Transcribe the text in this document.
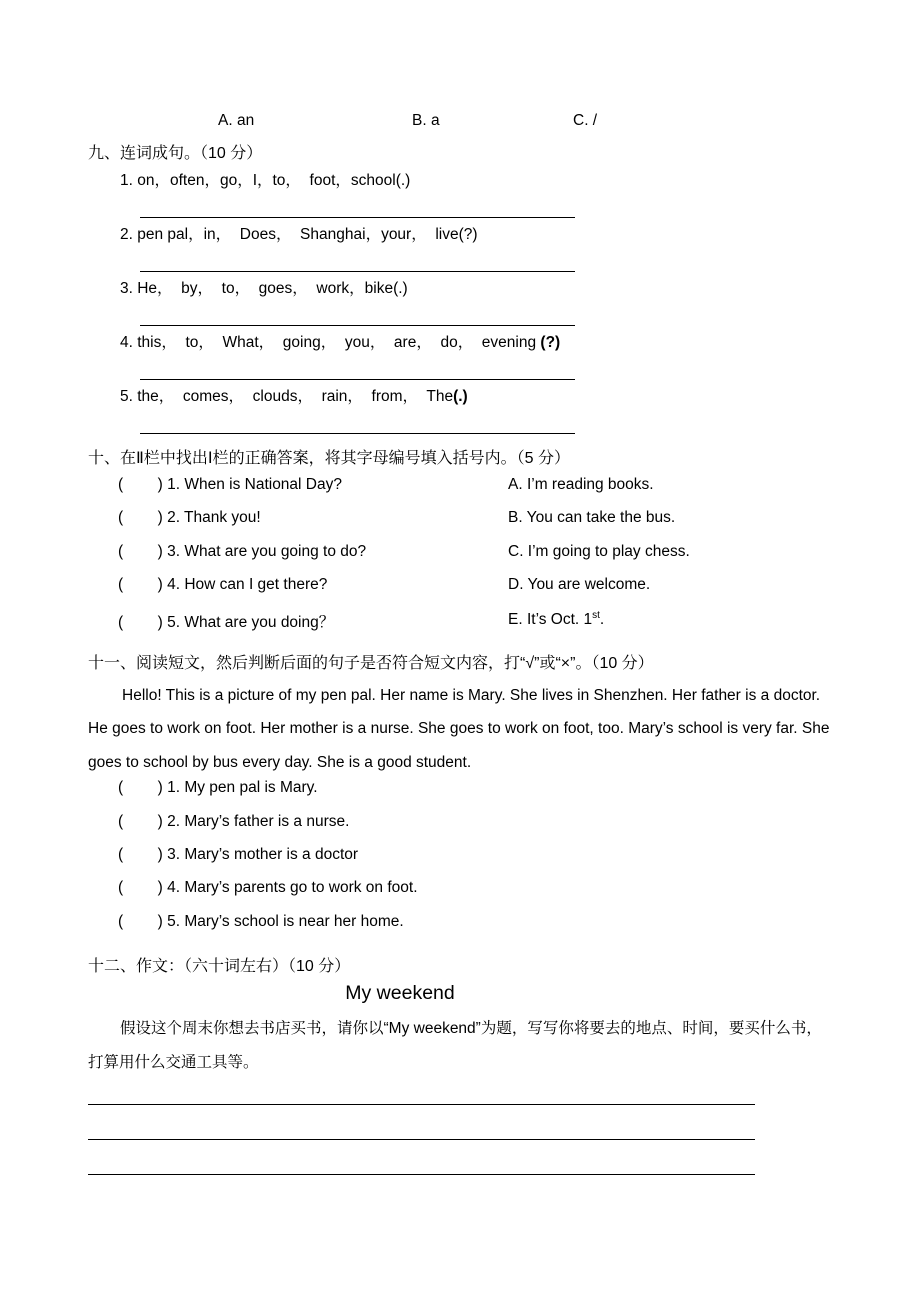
A. an	B. a	C. /
九、连词成句。（10 分）
1. on，often，go，I，to，  foot，school(.)
2. pen pal，in，  Does，  Shanghai，your，  live(?)
3. He，  by，  to，  goes，  work，bike(.)
4. this，  to，  What，  going，  you，  are，  do，  evening (?)
5. the，  comes，  clouds，  rain，  from，  The(.)
十、在Ⅱ栏中找出Ⅰ栏的正确答案，将其字母编号填入括号内。（5 分）
(        ) 1. When is National Day?	A. I’m reading books.
(        ) 2. Thank you!	B. You can take the bus.
(        ) 3. What are you going to do?	C. I’m going to play chess.
(        ) 4. How can I get there?	D. You are welcome.
(        ) 5. What are you doing？	E. It’s Oct. 1st.
十一、阅读短文，然后判断后面的句子是否符合短文内容，打“√”或“×”。（10 分）
Hello! This is a picture of my pen pal. Her name is Mary. She lives in Shenzhen. Her father is a doctor. He goes to work on foot. Her mother is a nurse. She goes to work on foot, too. Mary’s school is very far. She goes to school by bus every day. She is a good student.
(        ) 1. My pen pal is Mary.
(        ) 2. Mary’s father is a nurse.
(        ) 3. Mary’s mother is a doctor
(        ) 4. Mary’s parents go to work on foot.
(        ) 5. Mary’s school is near her home.
十二、作文：（六十词左右）（10 分）
My weekend
假设这个周末你想去书店买书，请你以“My weekend”为题，写写你将要去的地点、时间，要买什么书，打算用什么交通工具等。
